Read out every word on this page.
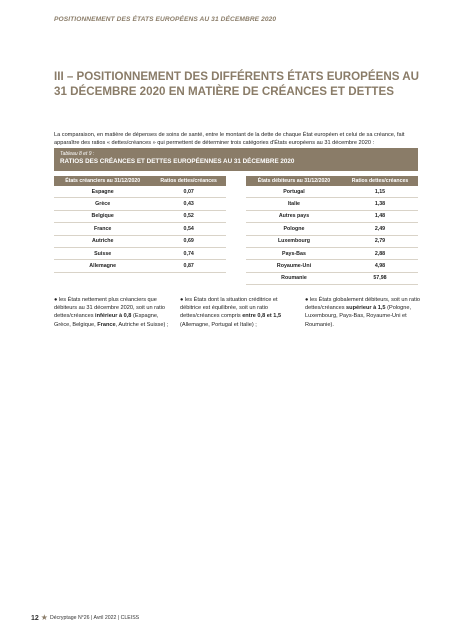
POSITIONNEMENT DES ÉTATS EUROPÉENS AU 31 DÉCEMBRE 2020
III – POSITIONNEMENT DES DIFFÉRENTS ÉTATS EUROPÉENS AU
31 DÉCEMBRE 2020 EN MATIÈRE DE CRÉANCES ET DETTES

La comparaison, en matière de dépenses de soins de santé, entre le montant de la dette de chaque État européen et celui de sa créance, fait apparaître des ratios « dettes/créances » qui permettent de déterminer trois catégories d'États européens au 31 décembre 2020 :

Tableau 8 et 9 :
RATIOS DES CRÉANCES ET DETTES EUROPÉENNES AU 31 DÉCEMBRE 2020
États créanciers au 31/12/2020	Ratios dettes/créances
Espagne	0,07
Grèce	0,43
Belgique	0,52
France	0,54
Autriche	0,69
Suisse	0,74
Allemagne	0,87
États débiteurs au 31/12/2020	Ratios dettes/créances
Portugal	1,15
Italie	1,38
Autres pays	1,48
Pologne	2,49
Luxembourg	2,79
Pays-Bas	2,88
Royaume-Uni	4,98
Roumanie	57,98
● les États nettement plus créanciers que débiteurs au 31 décembre 2020, soit un ratio dettes/créances inférieur à 0,8 (Espagne, Grèce, Belgique, France, Autriche et Suisse) ;
● les États dont la situation créditrice et débitrice est équilibrée, soit un ratio dettes/créances compris entre 0,8 et 1,5 (Allemagne, Portugal et Italie) ;
● les États globalement débiteurs, soit un ratio dettes/créances supérieur à 1,5 (Pologne, Luxembourg, Pays-Bas, Royaume-Uni et Roumanie).
12 ★ Décryptage N°26 | Avril 2022 | CLEISS
